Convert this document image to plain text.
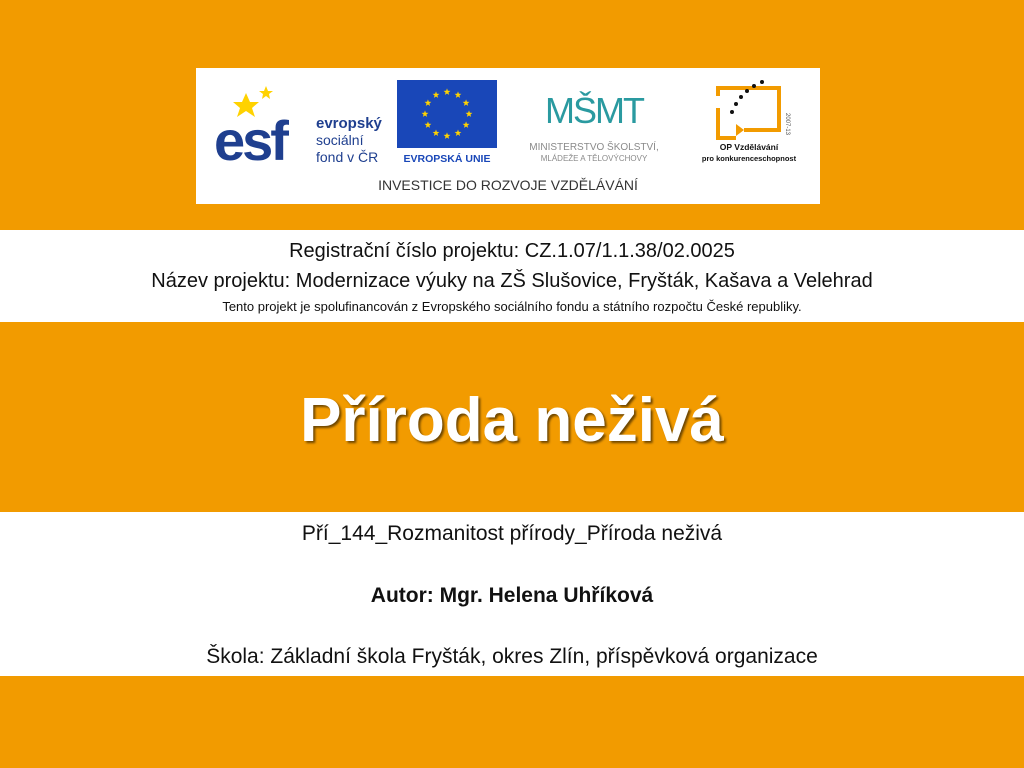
esf evropský
sociální
fond v ČR EVROPSKÁ UNIE
MŠMT
MINISTERSTVO ŠKOLSTVÍ,
MLÁDEŽE A TĚLOVÝCHOVY
2007-13
OP Vzdělávání
pro konkurenceschopnost
INVESTICE DO ROZVOJE VZDĚLÁVÁNÍ
Registrační číslo projektu: CZ.1.07/1.1.38/02.0025
Název projektu: Modernizace výuky na ZŠ Slušovice, Fryšták, Kašava a Velehrad
Tento projekt je spolufinancován z Evropského sociálního fondu a státního rozpočtu České republiky.
Příroda neživá
Pří_144_Rozmanitost přírody_Příroda neživá
Autor: Mgr. Helena Uhříková
Škola: Základní škola Fryšták, okres Zlín, příspěvková organizace
